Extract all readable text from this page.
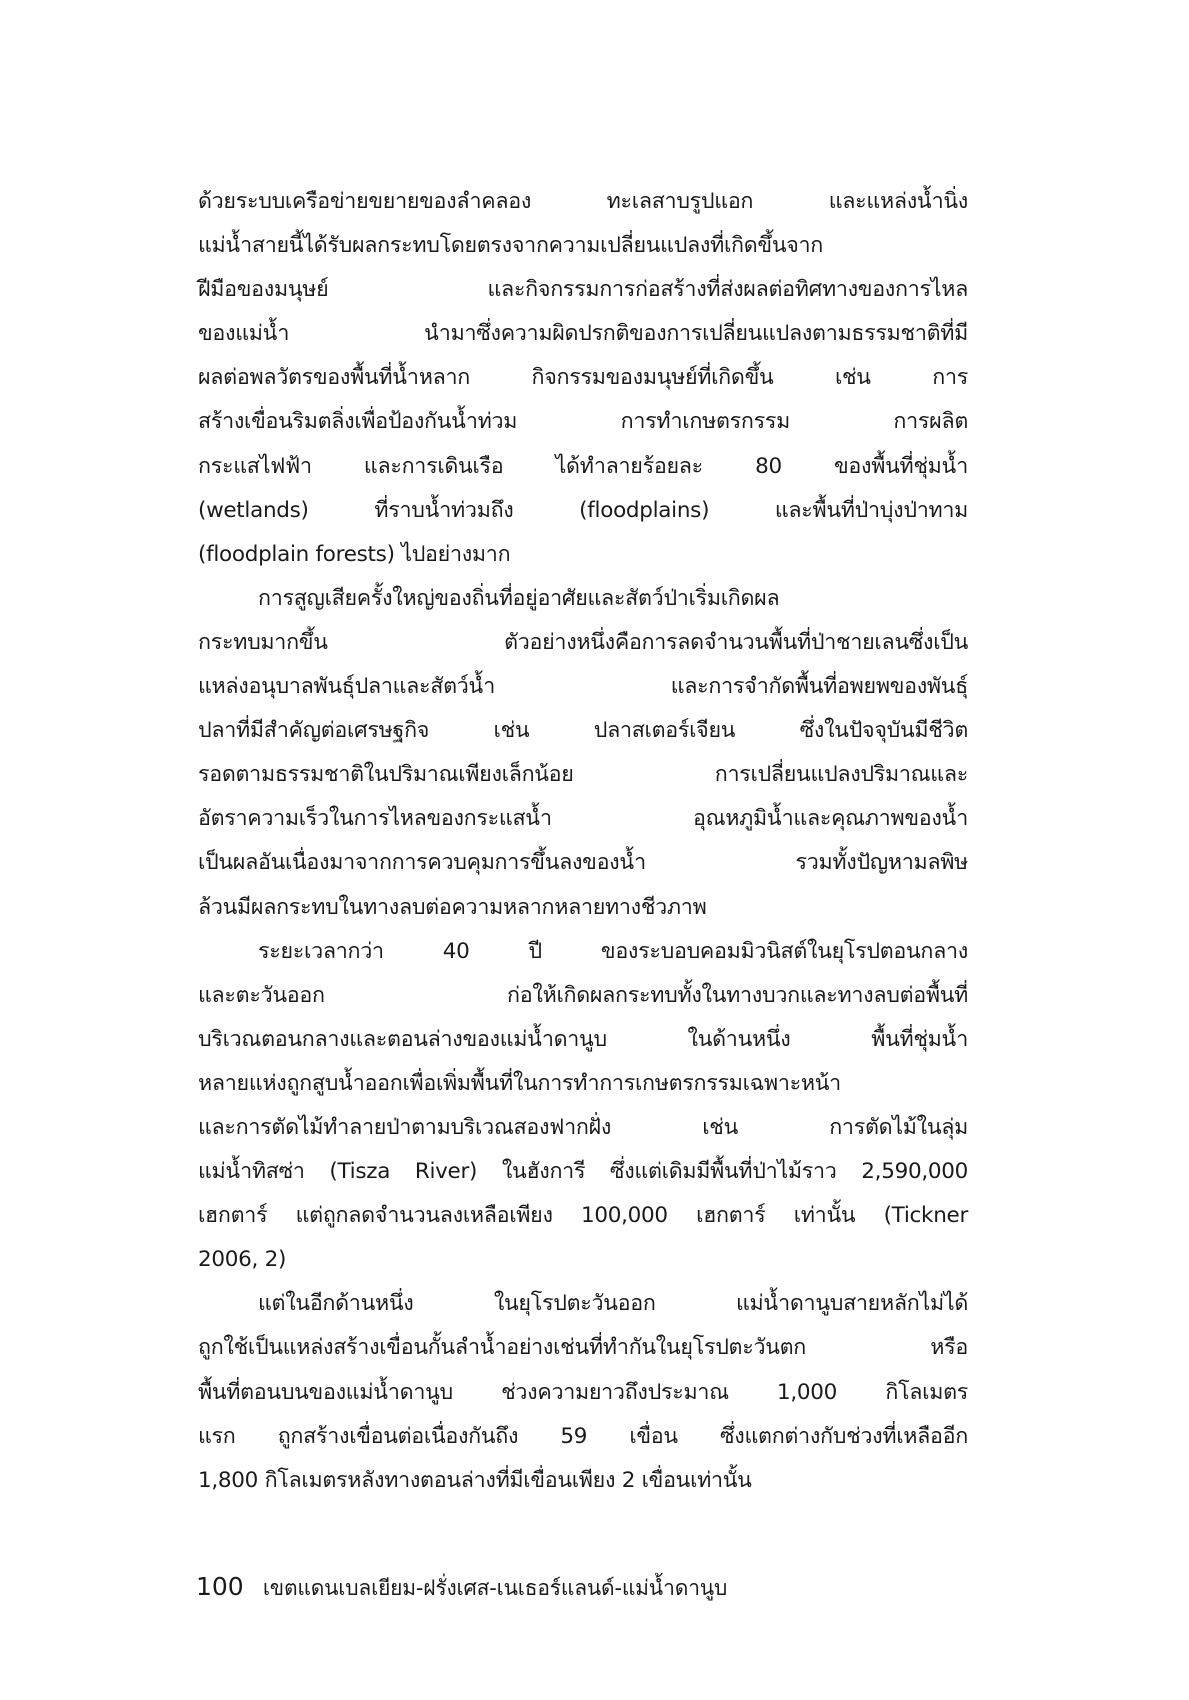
ด้วยระบบเครือข่ายขยายของลำคลอง ทะเลสาบรูปแอก และแหล่งน้ำนิ่ง
แม่น้ำสายนี้ได้รับผลกระทบโดยตรงจากความเปลี่ยนแปลงที่เกิดขึ้นจาก
ฝีมือของมนุษย์ และกิจกรรมการก่อสร้างที่ส่งผลต่อทิศทางของการไหล
ของแม่น้ำ นำมาซึ่งความผิดปรกติของการเปลี่ยนแปลงตามธรรมชาติที่มี
ผลต่อพลวัตรของพื้นที่น้ำหลาก กิจกรรมของมนุษย์ที่เกิดขึ้น เช่น การ
สร้างเขื่อนริมตลิ่งเพื่อป้องกันน้ำท่วม การทำเกษตรกรรม การผลิต
กระแสไฟฟ้า และการเดินเรือ ได้ทำลายร้อยละ 80 ของพื้นที่ชุ่มน้ำ
(wetlands) ที่ราบน้ำท่วมถึง (floodplains) และพื้นที่ป่าบุ่งป่าทาม
(floodplain forests) ไปอย่างมาก
การสูญเสียครั้งใหญ่ของถิ่นที่อยู่อาศัยและสัตว์ป่าเริ่มเกิดผล
กระทบมากขึ้น ตัวอย่างหนึ่งคือการลดจำนวนพื้นที่ป่าชายเลนซึ่งเป็น
แหล่งอนุบาลพันธุ์ปลาและสัตว์น้ำ และการจำกัดพื้นที่อพยพของพันธุ์
ปลาที่มีสำคัญต่อเศรษฐกิจ เช่น ปลาสเตอร์เจียน ซึ่งในปัจจุบันมีชีวิต
รอดตามธรรมชาติในปริมาณเพียงเล็กน้อย การเปลี่ยนแปลงปริมาณและ
อัตราความเร็วในการไหลของกระแสน้ำ อุณหภูมิน้ำและคุณภาพของน้ำ
เป็นผลอันเนื่องมาจากการควบคุมการขึ้นลงของน้ำ รวมทั้งปัญหามลพิษ
ล้วนมีผลกระทบในทางลบต่อความหลากหลายทางชีวภาพ
ระยะเวลากว่า 40 ปี ของระบอบคอมมิวนิสต์ในยุโรปตอนกลาง
และตะวันออก ก่อให้เกิดผลกระทบทั้งในทางบวกและทางลบต่อพื้นที่
บริเวณตอนกลางและตอนล่างของแม่น้ำดานูบ ในด้านหนึ่ง พื้นที่ชุ่มน้ำ
หลายแห่งถูกสูบน้ำออกเพื่อเพิ่มพื้นที่ในการทำการเกษตรกรรมเฉพาะหน้า
และการตัดไม้ทำลายป่าตามบริเวณสองฟากฝั่ง เช่น การตัดไม้ในลุ่ม
แม่น้ำทิสซ่า (Tisza River) ในฮังการี ซึ่งแต่เดิมมีพื้นที่ป่าไม้ราว 2,590,000
เฮกตาร์ แต่ถูกลดจำนวนลงเหลือเพียง 100,000 เฮกตาร์ เท่านั้น (Tickner
2006, 2)
แต่ในอีกด้านหนึ่ง ในยุโรปตะวันออก แม่น้ำดานูบสายหลักไม่ได้
ถูกใช้เป็นแหล่งสร้างเขื่อนกั้นลำน้ำอย่างเช่นที่ทำกันในยุโรปตะวันตก หรือ
พื้นที่ตอนบนของแม่น้ำดานูบ ช่วงความยาวถึงประมาณ 1,000 กิโลเมตร
แรก ถูกสร้างเขื่อนต่อเนื่องกันถึง 59 เขื่อน ซึ่งแตกต่างกับช่วงที่เหลืออีก
1,800 กิโลเมตรหลังทางตอนล่างที่มีเขื่อนเพียง 2 เขื่อนเท่านั้น
100 เขตแดนเบลเยียม-ฝรั่งเศส-เนเธอร์แลนด์-แม่น้ำดานูบ
